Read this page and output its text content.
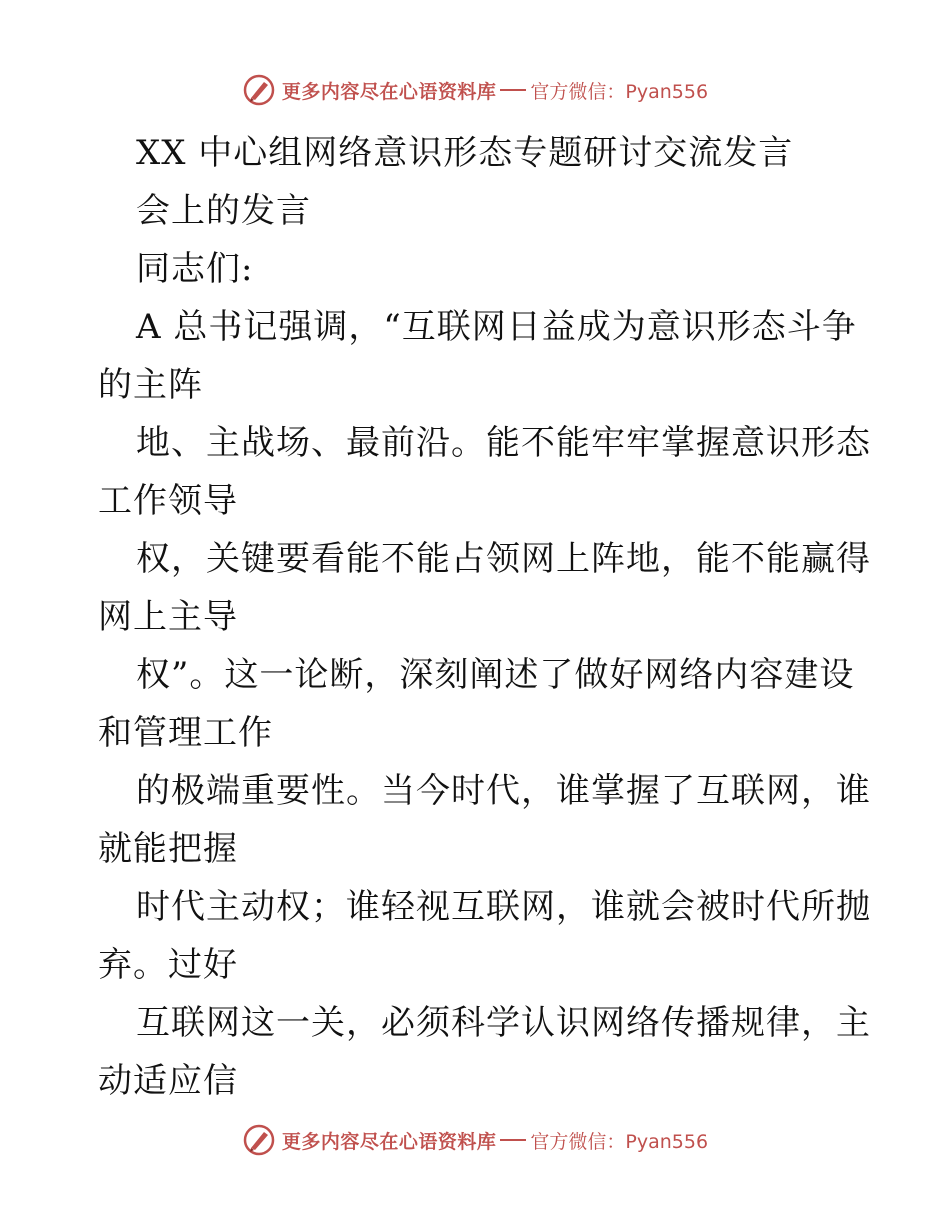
更多内容尽在心语资料库 官方微信：Pyan556
XX 中心组网络意识形态专题研讨交流发言
会上的发言
同志们:
A 总书记强调，“互联网日益成为意识形态斗争
的主阵
地、主战场、最前沿。能不能牢牢掌握意识形态
工作领导
权，关键要看能不能占领网上阵地，能不能赢得
网上主导
权”。这一论断，深刻阐述了做好网络内容建设
和管理工作
的极端重要性。当今时代，谁掌握了互联网，谁
就能把握
时代主动权；谁轻视互联网，谁就会被时代所抛
弃。过好
互联网这一关，必须科学认识网络传播规律，主
动适应信
更多内容尽在心语资料库 官方微信：Pyan556
